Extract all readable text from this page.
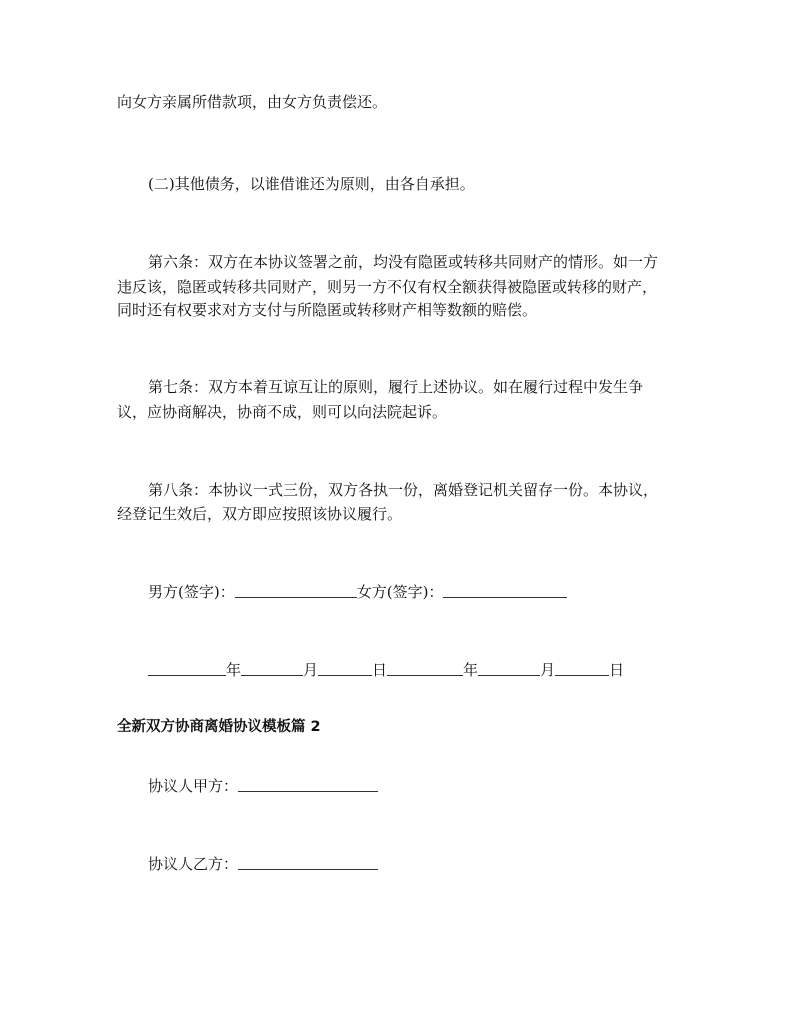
向女方亲属所借款项，由女方负责偿还。
(二)其他债务，以谁借谁还为原则，由各自承担。
第六条：双方在本协议签署之前，均没有隐匿或转移共同财产的情形。如一方
违反该，隐匿或转移共同财产，则另一方不仅有权全额获得被隐匿或转移的财产，
同时还有权要求对方支付与所隐匿或转移财产相等数额的赔偿。
第七条：双方本着互谅互让的原则，履行上述协议。如在履行过程中发生争
议，应协商解决，协商不成，则可以向法院起诉。
第八条：本协议一式三份，双方各执一份，离婚登记机关留存一份。本协议，
经登记生效后，双方即应按照该协议履行。
男方(签字)：	女方(签字)：
年	月	日	年	月	日
全新双方协商离婚协议模板篇 2
协议人甲方：
协议人乙方：
